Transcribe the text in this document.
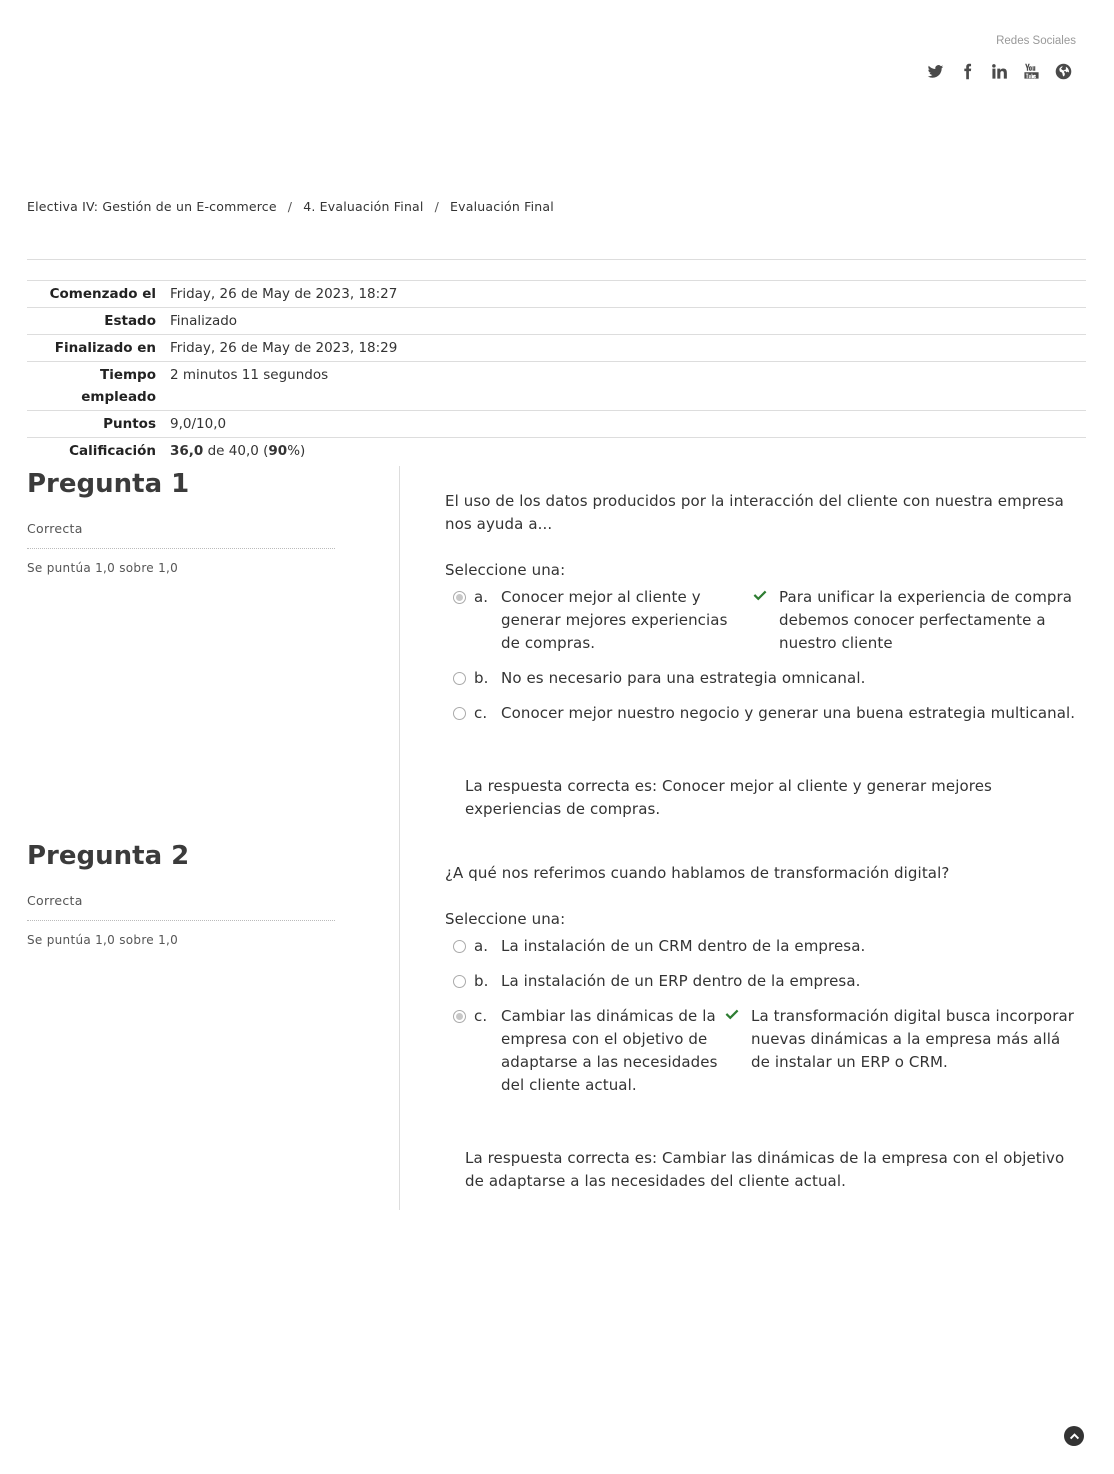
Redes Sociales
Electiva IV: Gestión de un E-commerce / 4. Evaluación Final / Evaluación Final
Comenzado el	Friday, 26 de May de 2023, 18:27
Estado	Finalizado
Finalizado en	Friday, 26 de May de 2023, 18:29
Tiempo empleado	2 minutos 11 segundos
Puntos	9,0/10,0
Calificación	36,0 de 40,0 (90%)
Pregunta 1
Correcta
Se puntúa 1,0 sobre 1,0
El uso de los datos producidos por la interacción del cliente con nuestra empresa nos ayuda a...
Seleccione una:
a. Conocer mejor al cliente y generar mejores experiencias de compras.
Para unificar la experiencia de compra debemos conocer perfectamente a nuestro cliente
b. No es necesario para una estrategia omnicanal.
c. Conocer mejor nuestro negocio y generar una buena estrategia multicanal.
La respuesta correcta es: Conocer mejor al cliente y generar mejores experiencias de compras.
Pregunta 2
Correcta
Se puntúa 1,0 sobre 1,0
¿A qué nos referimos cuando hablamos de transformación digital?
Seleccione una:
a. La instalación de un CRM dentro de la empresa.
b. La instalación de un ERP dentro de la empresa.
c. Cambiar las dinámicas de la empresa con el objetivo de adaptarse a las necesidades del cliente actual.
La transformación digital busca incorporar nuevas dinámicas a la empresa más allá de instalar un ERP o CRM.
La respuesta correcta es: Cambiar las dinámicas de la empresa con el objetivo de adaptarse a las necesidades del cliente actual.
